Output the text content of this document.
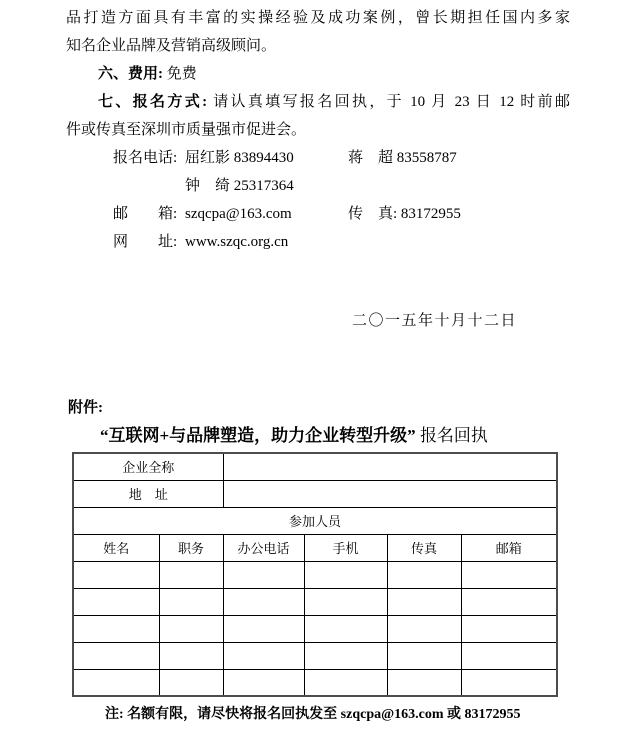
品打造方面具有丰富的实操经验及成功案例，曾长期担任国内多家
知名企业品牌及营销高级顾问。
六、费用: 免费
七、报名方式: 请认真填写报名回执，于 10 月 23 日 12 时前邮
件或传真至深圳市质量强市促进会。
报名电话: 屈红影 83894430	蒋　超 83558787
钟　绮 25317364
邮　　箱: szqcpa@163.com	传　真: 83172955
网　　址: www.szqc.org.cn
二〇一五年十月十二日
附件:
“互联网+与品牌塑造，助力企业转型升级” 报名回执
企业全称					
地　址					
参加人员					
姓名	职务	办公电话	手机	传真	邮箱

注: 名额有限，请尽快将报名回执发至 szqcpa@163.com 或 83172955
